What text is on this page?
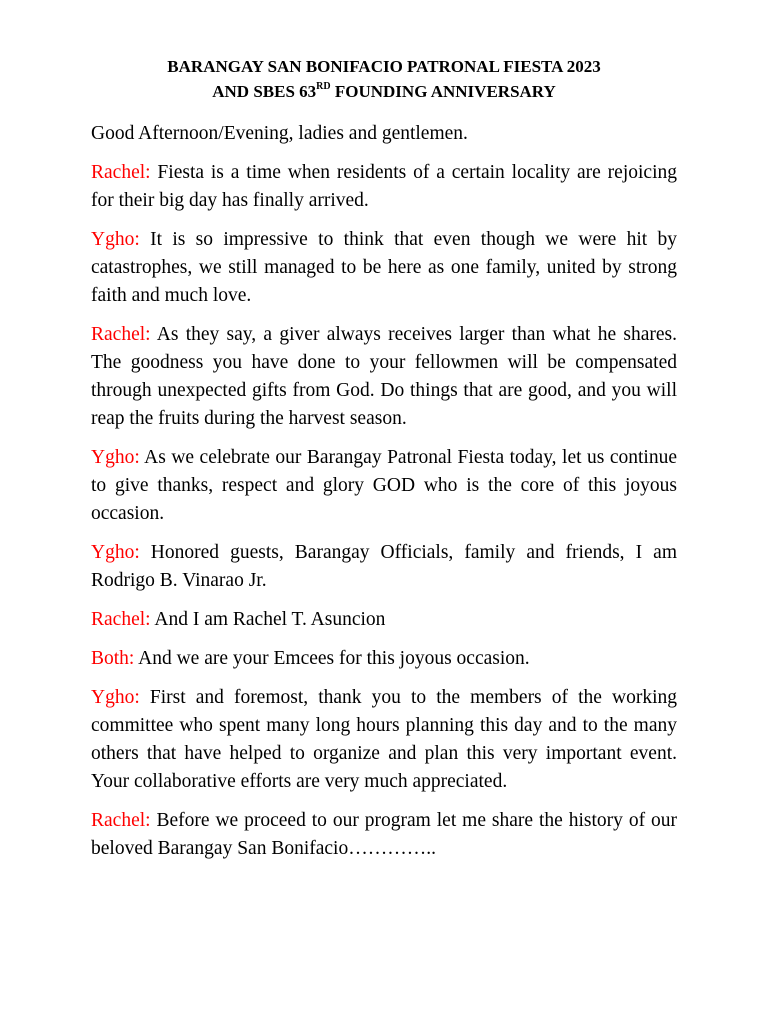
BARANGAY SAN BONIFACIO PATRONAL FIESTA 2023
AND SBES 63RD FOUNDING ANNIVERSARY

Good Afternoon/Evening, ladies and gentlemen.

Rachel: Fiesta is a time when residents of a certain locality are rejoicing for their big day has finally arrived.

Ygho: It is so impressive to think that even though we were hit by catastrophes, we still managed to be here as one family, united by strong faith and much love.

Rachel: As they say, a giver always receives larger than what he shares. The goodness you have done to your fellowmen will be compensated through unexpected gifts from God. Do things that are good, and you will reap the fruits during the harvest season.

Ygho: As we celebrate our Barangay Patronal Fiesta today, let us continue to give thanks, respect and glory GOD who is the core of this joyous occasion.

Ygho: Honored guests, Barangay Officials, family and friends, I am Rodrigo B. Vinarao Jr.

Rachel: And I am Rachel T. Asuncion

Both: And we are your Emcees for this joyous occasion.

Ygho: First and foremost, thank you to the members of the working committee who spent many long hours planning this day and to the many others that have helped to organize and plan this very important event. Your collaborative efforts are very much appreciated.

Rachel: Before we proceed to our program let me share the history of our beloved Barangay San Bonifacio…………..
